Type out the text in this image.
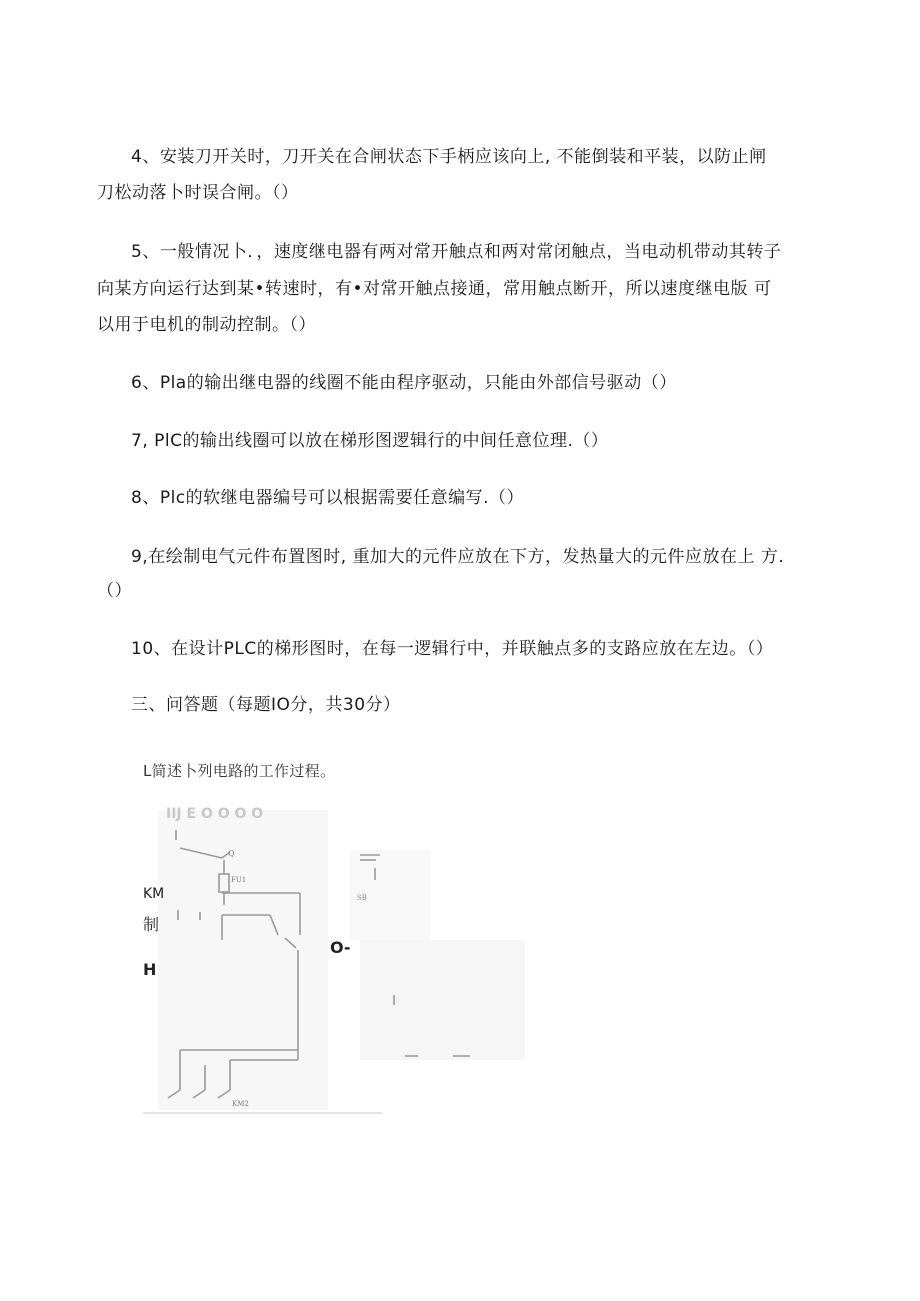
4、安装刀开关时，刀开关在合闸状态下手柄应该向上, 不能倒装和平装，以防止闸
刀松动落卜时误合闸。（）
5、一般情况卜．，速度继电器有两对常开触点和两对常闭触点，当电动机带动其转子
向某方向运行达到某•转速时，有•对常开触点接通，常用触点断开，所以速度继电版 可
以用于电机的制动控制。（）
6、Pla的输出继电器的线圈不能由程序驱动，只能由外部信号驱动（）
7, PlC的输出线圈可以放在梯形图逻辑行的中间任意位理.（）
8、Plc的软继电器编号可以根据需要任意编写.（）
9,在绘制电气元件布置图时, 重加大的元件应放在下方，发热量大的元件应放在上 方.
（）
10、在设计PLC的梯形图时，在每一逻辑行中，并联触点多的支路应放在左边。（）
三、问答题（每题IO分，共30分）
L简述卜列电路的工作过程。
Q
FU1
SB
KM2
IIJ E O O O O
KM
制
H
O-
